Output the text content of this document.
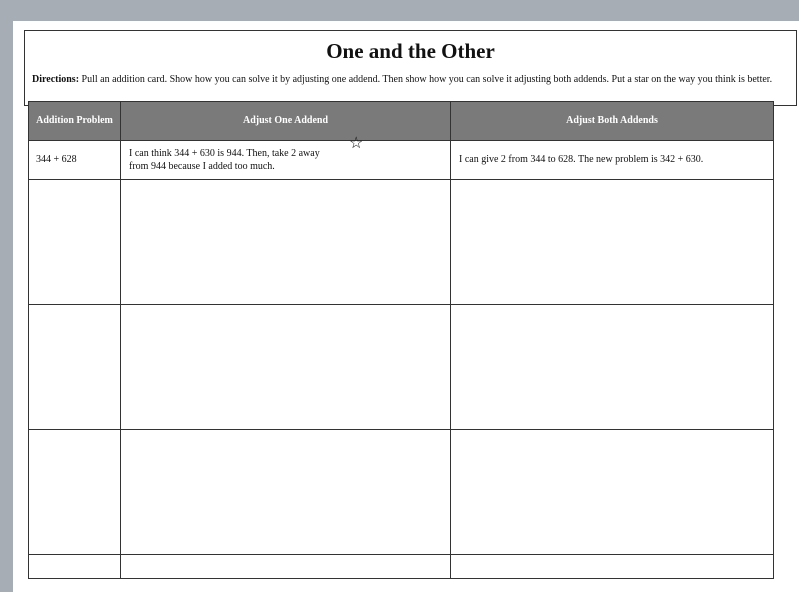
One and the Other
Directions: Pull an addition card. Show how you can solve it by adjusting one addend. Then show how you can solve it adjusting both addends. Put a star on the way you think is better.
Addition Problem	Adjust One Addend	Adjust Both Addends
344 + 628
I can think 344 + 630 is 944. Then, take 2 away from 944 because I added too much.
I can give 2 from 344 to 628. The new problem is 342 + 630.
☆
